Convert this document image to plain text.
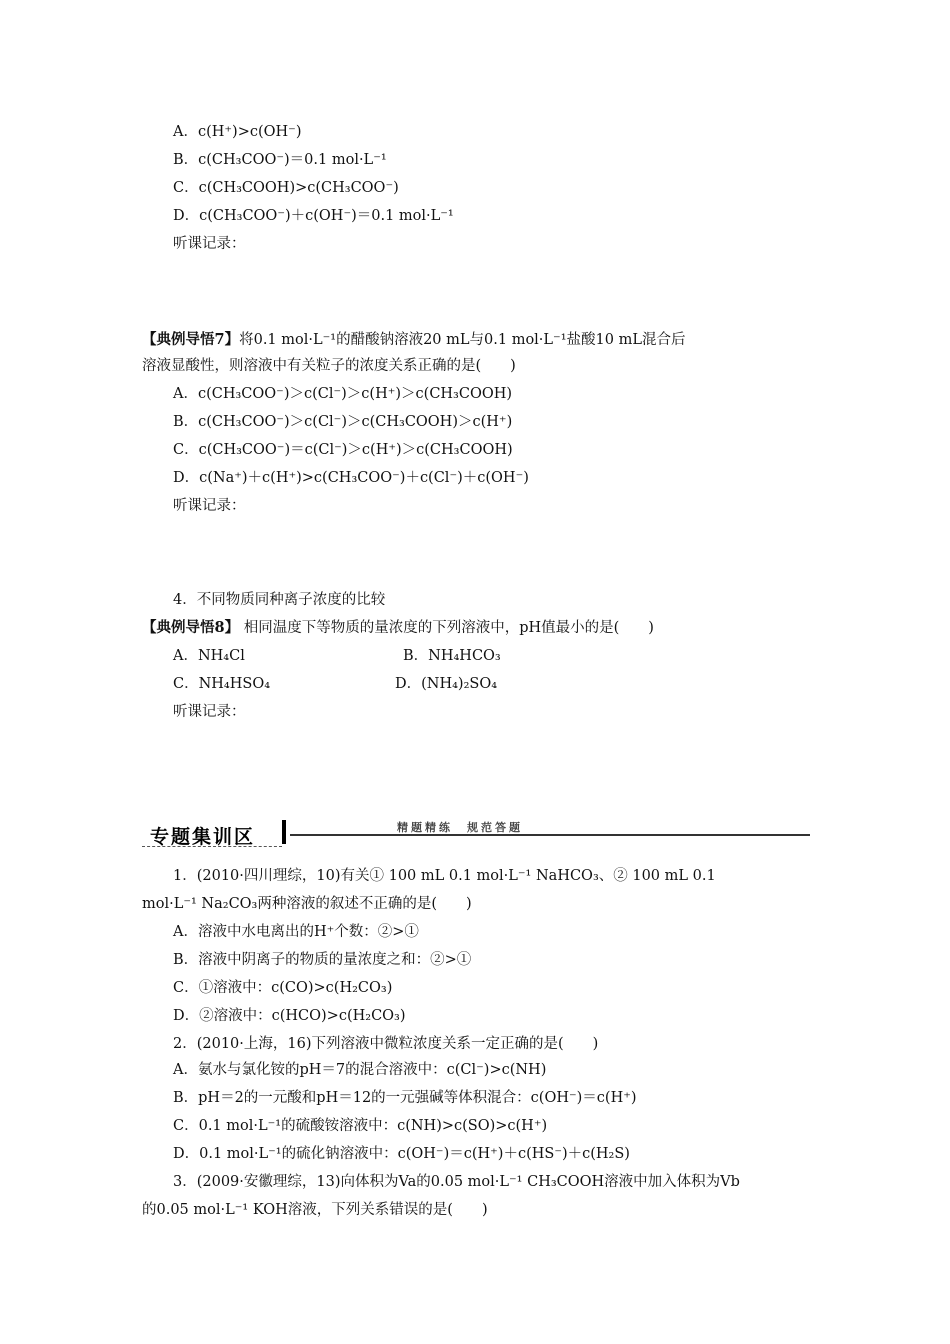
A．c(H⁺)>c(OH⁻)
B．c(CH₃COO⁻)＝0.1 mol·L⁻¹
C．c(CH₃COOH)>c(CH₃COO⁻)
D．c(CH₃COO⁻)＋c(OH⁻)＝0.1 mol·L⁻¹
听课记录：
【典例导悟7】将0.1 mol·L⁻¹的醋酸钠溶液20 mL与0.1 mol·L⁻¹盐酸10 mL混合后
溶液显酸性，则溶液中有关粒子的浓度关系正确的是(　　)
A．c(CH₃COO⁻)＞c(Cl⁻)＞c(H⁺)＞c(CH₃COOH)
B．c(CH₃COO⁻)＞c(Cl⁻)＞c(CH₃COOH)＞c(H⁺)
C．c(CH₃COO⁻)＝c(Cl⁻)＞c(H⁺)＞c(CH₃COOH)
D．c(Na⁺)＋c(H⁺)>c(CH₃COO⁻)＋c(Cl⁻)＋c(OH⁻)
听课记录：
4．不同物质同种离子浓度的比较
【典例导悟8】 相同温度下等物质的量浓度的下列溶液中，pH值最小的是(　　)
A．NH₄Cl	B．NH₄HCO₃
C．NH₄HSO₄	D．(NH₄)₂SO₄
听课记录：
专题集训区	精题精练　规范答题
1．(2010·四川理综，10)有关① 100 mL 0.1 mol·L⁻¹ NaHCO₃、② 100 mL 0.1
mol·L⁻¹ Na₂CO₃两种溶液的叙述不正确的是(　　)
A．溶液中水电离出的H⁺个数：②>①
B．溶液中阴离子的物质的量浓度之和：②>①
C．①溶液中：c(CO)>c(H₂CO₃)
D．②溶液中：c(HCO)>c(H₂CO₃)
2．(2010·上海，16)下列溶液中微粒浓度关系一定正确的是(　　)
A．氨水与氯化铵的pH＝7的混合溶液中：c(Cl⁻)>c(NH)
B．pH＝2的一元酸和pH＝12的一元强碱等体积混合：c(OH⁻)＝c(H⁺)
C．0.1 mol·L⁻¹的硫酸铵溶液中：c(NH)>c(SO)>c(H⁺)
D．0.1 mol·L⁻¹的硫化钠溶液中：c(OH⁻)＝c(H⁺)＋c(HS⁻)＋c(H₂S)
3．(2009·安徽理综，13)向体积为Va的0.05 mol·L⁻¹ CH₃COOH溶液中加入体积为Vb
的0.05 mol·L⁻¹ KOH溶液，下列关系错误的是(　　)
